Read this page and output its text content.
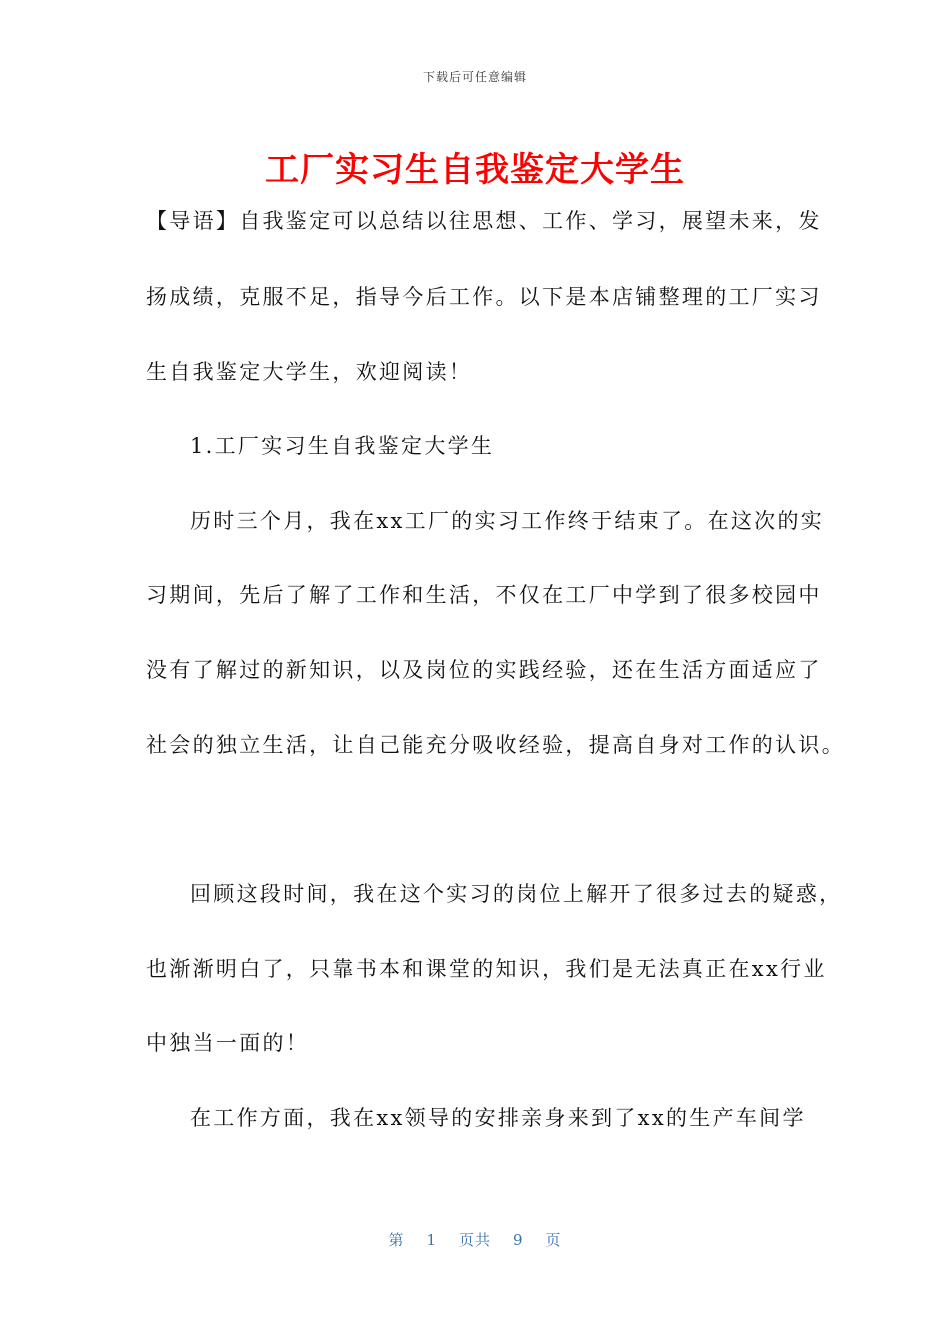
下载后可任意编辑
工厂实习生自我鉴定大学生
【导语】自我鉴定可以总结以往思想、工作、学习，展望未来，发
扬成绩，克服不足，指导今后工作。以下是本店铺整理的工厂实习
生自我鉴定大学生，欢迎阅读！
1.工厂实习生自我鉴定大学生
历时三个月，我在xx工厂的实习工作终于结束了。在这次的实
习期间，先后了解了工作和生活，不仅在工厂中学到了很多校园中
没有了解过的新知识，以及岗位的实践经验，还在生活方面适应了
社会的独立生活，让自己能充分吸收经验，提高自身对工作的认识。
回顾这段时间，我在这个实习的岗位上解开了很多过去的疑惑，
也渐渐明白了，只靠书本和课堂的知识，我们是无法真正在xx行业
中独当一面的！
在工作方面，我在xx领导的安排亲身来到了xx的生产车间学
第 1 页共 9 页
